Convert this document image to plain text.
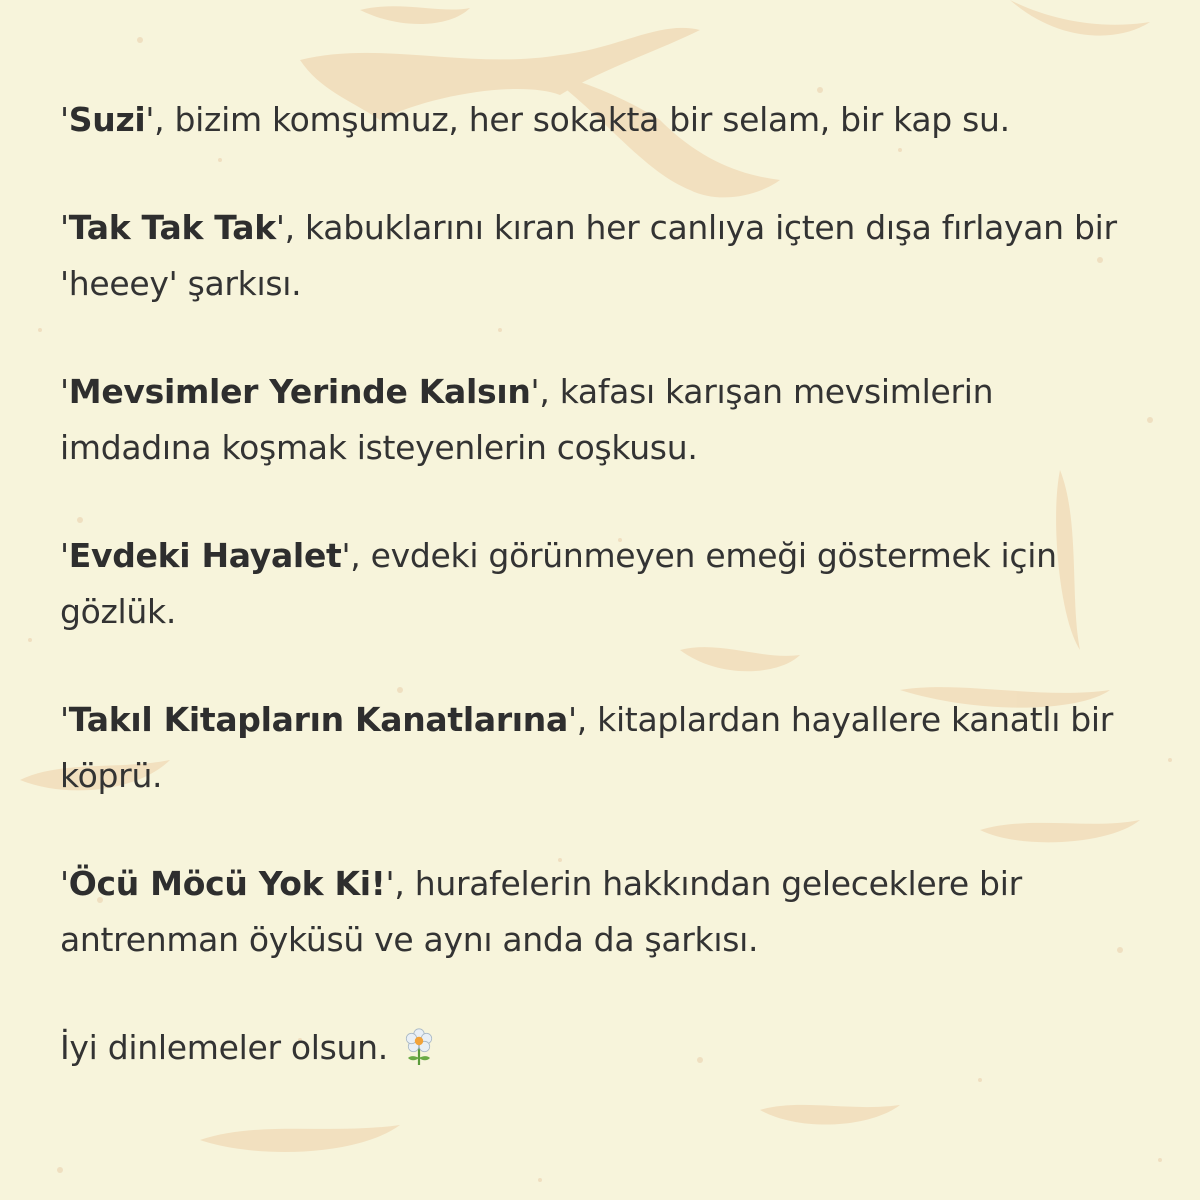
'Suzi', bizim komşumuz, her sokakta bir selam, bir kap su.

'Tak Tak Tak', kabuklarını kıran her canlıya içten dışa fırlayan bir 'heeey' şarkısı.

'Mevsimler Yerinde Kalsın', kafası karışan mevsimlerin imdadına koşmak isteyenlerin coşkusu.

'Evdeki Hayalet', evdeki görünmeyen emeği göstermek için gözlük.

'Takıl Kitapların Kanatlarına', kitaplardan hayallere kanatlı bir köprü.

'Öcü Möcü Yok Ki!', hurafelerin hakkından geleceklere bir antrenman öyküsü ve aynı anda da şarkısı.

İyi dinlemeler olsun.
